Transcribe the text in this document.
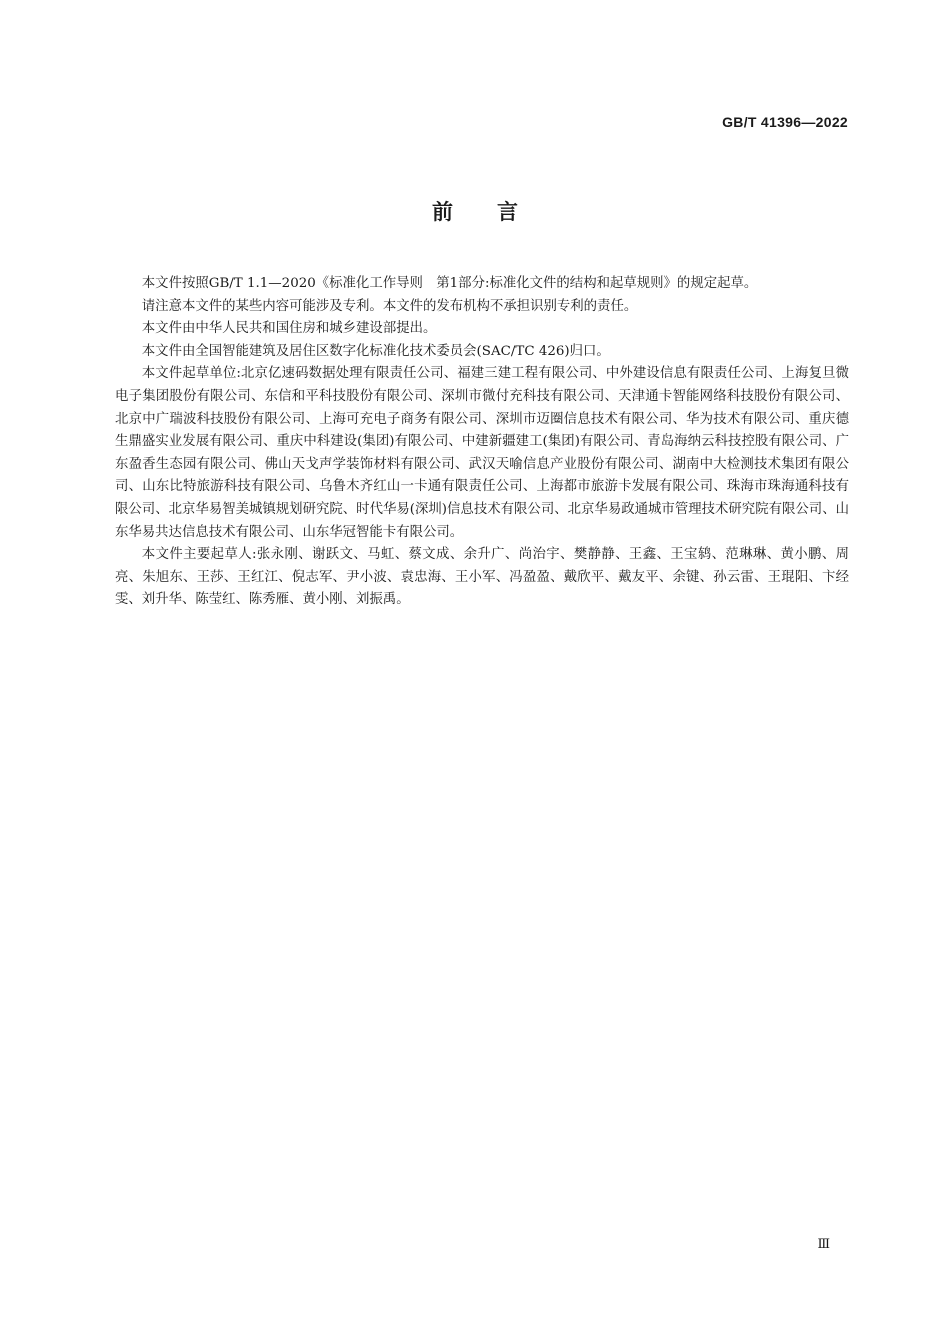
GB/T 41396—2022
前言

本文件按照GB/T 1.1—2020《标准化工作导则　第1部分:标准化文件的结构和起草规则》的规定起草。

请注意本文件的某些内容可能涉及专利。本文件的发布机构不承担识别专利的责任。

本文件由中华人民共和国住房和城乡建设部提出。

本文件由全国智能建筑及居住区数字化标准化技术委员会(SAC/TC 426)归口。

本文件起草单位:北京亿速码数据处理有限责任公司、福建三建工程有限公司、中外建设信息有限责任公司、上海复旦微电子集团股份有限公司、东信和平科技股份有限公司、深圳市微付充科技有限公司、天津通卡智能网络科技股份有限公司、北京中广瑞波科技股份有限公司、上海可充电子商务有限公司、深圳市迈圈信息技术有限公司、华为技术有限公司、重庆德生鼎盛实业发展有限公司、重庆中科建设(集团)有限公司、中建新疆建工(集团)有限公司、青岛海纳云科技控股有限公司、广东盈香生态园有限公司、佛山天戈声学装饰材料有限公司、武汉天喻信息产业股份有限公司、湖南中大检测技术集团有限公司、山东比特旅游科技有限公司、乌鲁木齐红山一卡通有限责任公司、上海都市旅游卡发展有限公司、珠海市珠海通科技有限公司、北京华易智美城镇规划研究院、时代华易(深圳)信息技术有限公司、北京华易政通城市管理技术研究院有限公司、山东华易共达信息技术有限公司、山东华冠智能卡有限公司。

本文件主要起草人:张永刚、谢跃文、马虹、蔡文成、余升广、尚治宇、樊静静、王鑫、王宝鸫、范琳琳、黄小鹏、周亮、朱旭东、王莎、王红江、倪志军、尹小波、袁忠海、王小军、冯盈盈、戴欣平、戴友平、余键、孙云雷、王琨阳、卞经雯、刘升华、陈莹红、陈秀雁、黄小刚、刘振禹。

Ⅲ
